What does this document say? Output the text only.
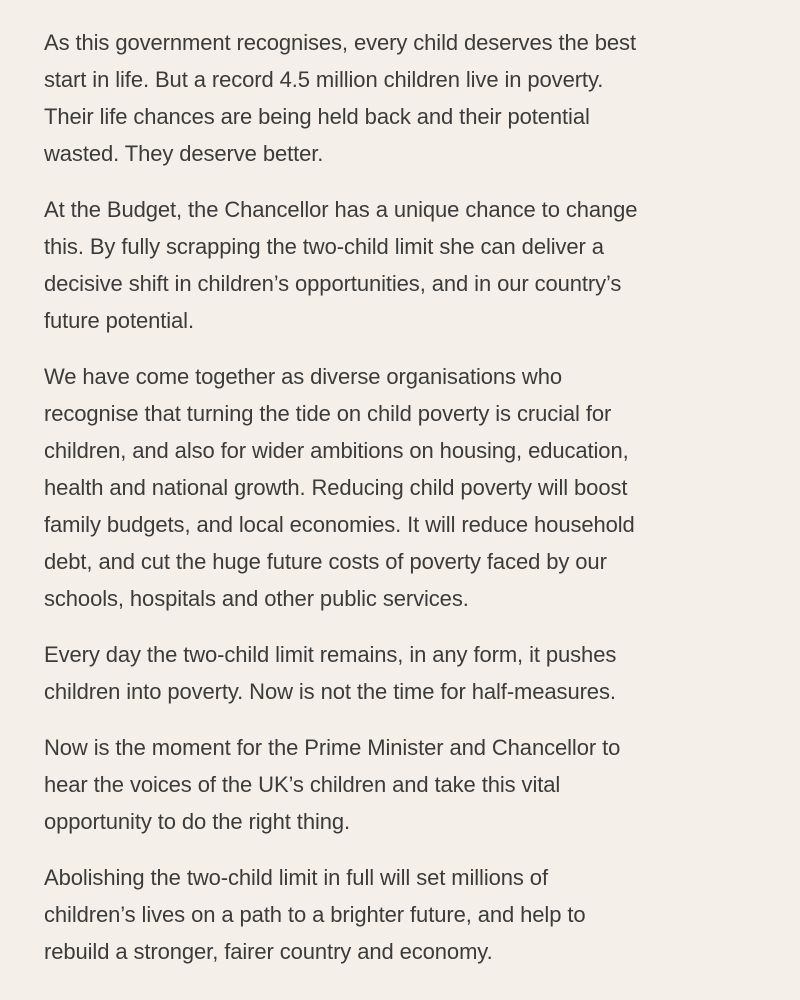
As this government recognises, every child deserves the best
start in life. But a record 4.5 million children live in poverty.
Their life chances are being held back and their potential
wasted. They deserve better.

At the Budget, the Chancellor has a unique chance to change
this. By fully scrapping the two-child limit she can deliver a
decisive shift in children’s opportunities, and in our country’s
future potential.

We have come together as diverse organisations who
recognise that turning the tide on child poverty is crucial for
children, and also for wider ambitions on housing, education,
health and national growth. Reducing child poverty will boost
family budgets, and local economies. It will reduce household
debt, and cut the huge future costs of poverty faced by our
schools, hospitals and other public services.

Every day the two-child limit remains, in any form, it pushes
children into poverty. Now is not the time for half-measures.

Now is the moment for the Prime Minister and Chancellor to
hear the voices of the UK’s children and take this vital
opportunity to do the right thing.

Abolishing the two-child limit in full will set millions of
children’s lives on a path to a brighter future, and help to
rebuild a stronger, fairer country and economy.
